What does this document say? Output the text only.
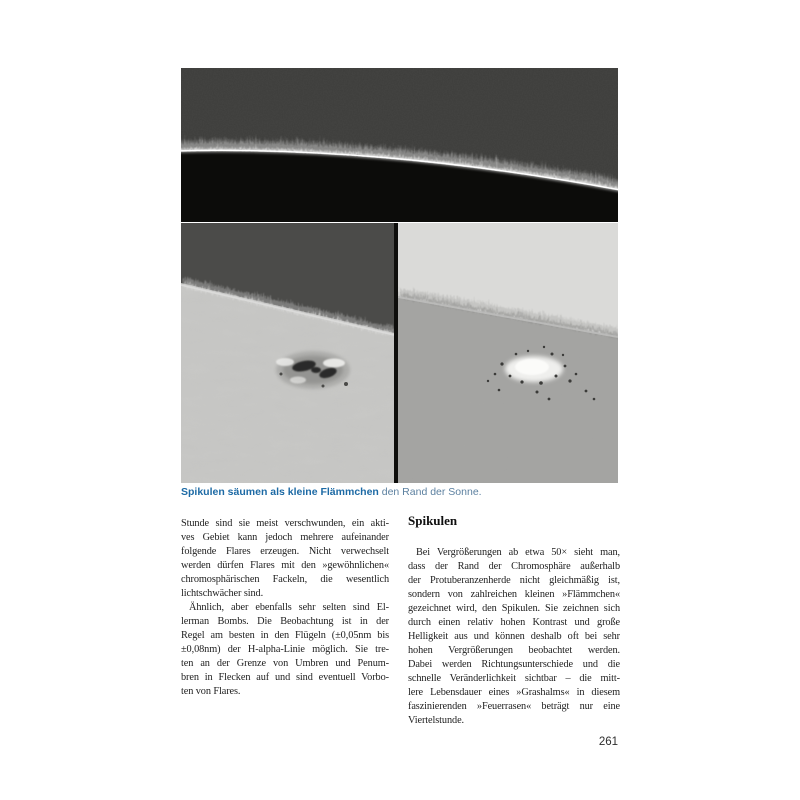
Spikulen säumen als kleine Flämmchen den Rand der Sonne.
Stunde sind sie meist verschwunden, ein akti-
ves Gebiet kann jedoch mehrere aufeinander
folgende Flares erzeugen. Nicht verwechselt
werden dürfen Flares mit den »gewöhnlichen«
chromosphärischen Fackeln, die wesentlich
lichtschwächer sind.
Ähnlich, aber ebenfalls sehr selten sind El-
lerman Bombs. Die Beobachtung ist in der
Regel am besten in den Flügeln (±0,05nm bis
±0,08nm) der H-alpha-Linie möglich. Sie tre-
ten an der Grenze von Umbren und Penum-
bren in Flecken auf und sind eventuell Vorbo-
ten von Flares.
Spikulen
Bei Vergrößerungen ab etwa 50× sieht man,
dass der Rand der Chromosphäre außerhalb
der Protuberanzenherde nicht gleichmäßig ist,
sondern von zahlreichen kleinen »Flämmchen«
gezeichnet wird, den Spikulen. Sie zeichnen sich
durch einen relativ hohen Kontrast und große
Helligkeit aus und können deshalb oft bei sehr
hohen Vergrößerungen beobachtet werden.
Dabei werden Richtungsunterschiede und die
schnelle Veränderlichkeit sichtbar – die mitt-
lere Lebensdauer eines »Grashalms« in diesem
faszinierenden »Feuerrasen« beträgt nur eine
Viertelstunde.
261
